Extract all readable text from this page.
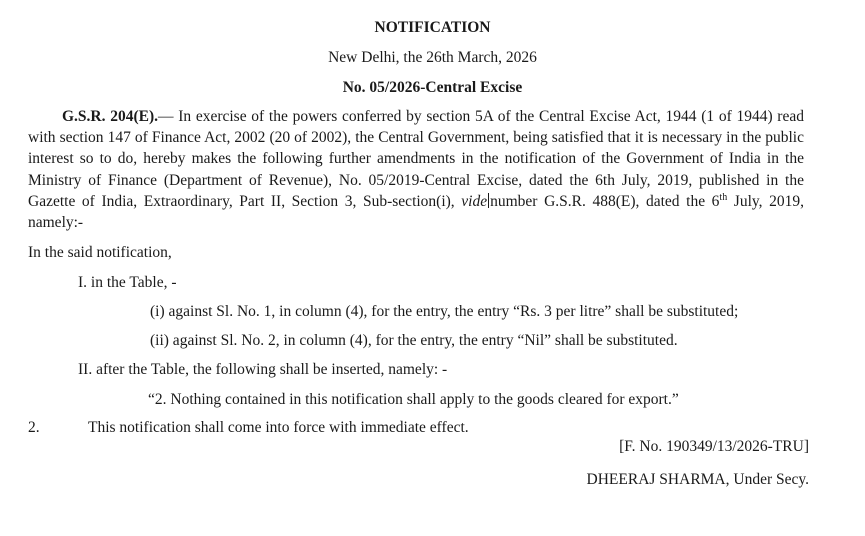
NOTIFICATION
New Delhi, the 26th March, 2026
No. 05/2026-Central Excise
G.S.R. 204(E).— In exercise of the powers conferred by section 5A of the Central Excise Act, 1944 (1 of 1944) read with section 147 of Finance Act, 2002 (20 of 2002), the Central Government, being satisfied that it is necessary in the public interest so to do, hereby makes the following further amendments in the notification of the Government of India in the Ministry of Finance (Department of Revenue), No. 05/2019-Central Excise, dated the 6th July, 2019, published in the Gazette of India, Extraordinary, Part II, Section 3, Sub-section(i), vide number G.S.R. 488(E), dated the 6th July, 2019, namely:-
In the said notification,
I. in the Table, -
(i) against Sl. No. 1, in column (4), for the entry, the entry “Rs. 3 per litre” shall be substituted;
(ii) against Sl. No. 2, in column (4), for the entry, the entry “Nil” shall be substituted.
II. after the Table, the following shall be inserted, namely: -
“2. Nothing contained in this notification shall apply to the goods cleared for export.”
2.	This notification shall come into force with immediate effect.
[F. No. 190349/13/2026-TRU]
DHEERAJ SHARMA, Under Secy.
